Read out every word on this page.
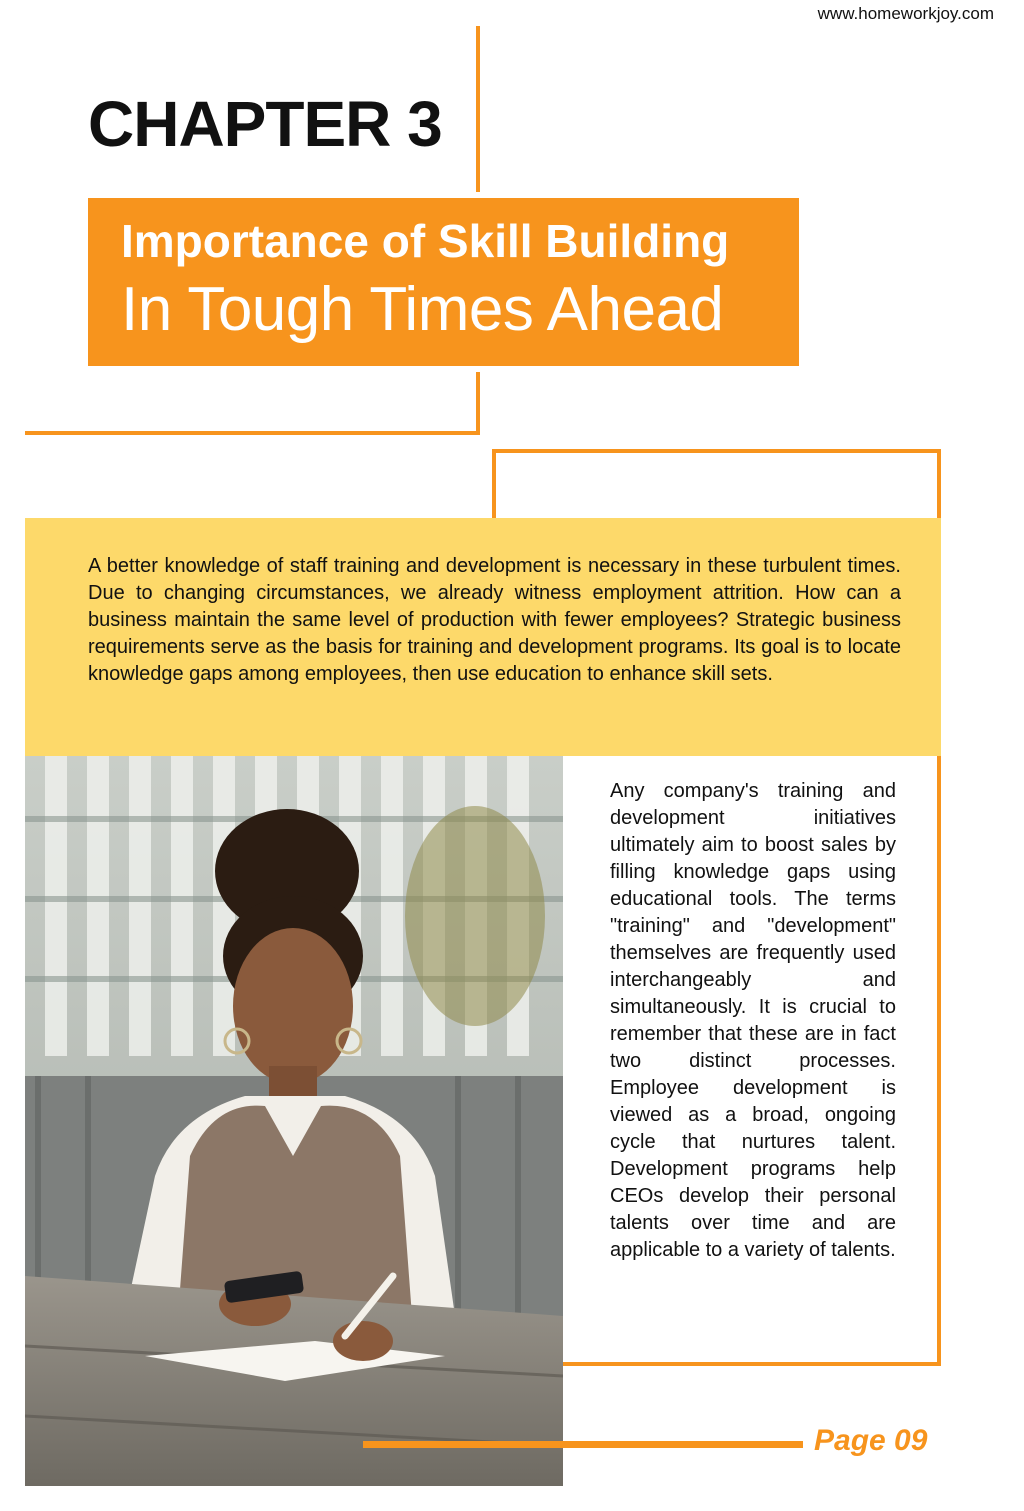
www.homeworkjoy.com
CHAPTER 3
Importance of Skill Building
In Tough Times Ahead
A better knowledge of staff training and development is necessary in these turbulent times. Due to changing circumstances, we already witness employment attrition. How can a business maintain the same level of production with fewer employees? Strategic business requirements serve as the basis for training and development programs. Its goal is to locate knowledge gaps among employees, then use education to enhance skill sets.
Any company's training and development initiatives ultimately aim to boost sales by filling knowledge gaps using educational tools. The terms "training" and "development" themselves are frequently used interchangeably and simultaneously. It is crucial to remember that these are in fact two distinct processes. Employee development is viewed as a broad, ongoing cycle that nurtures talent. Development programs help CEOs develop their personal talents over time and are applicable to a variety of talents.
Page 09
